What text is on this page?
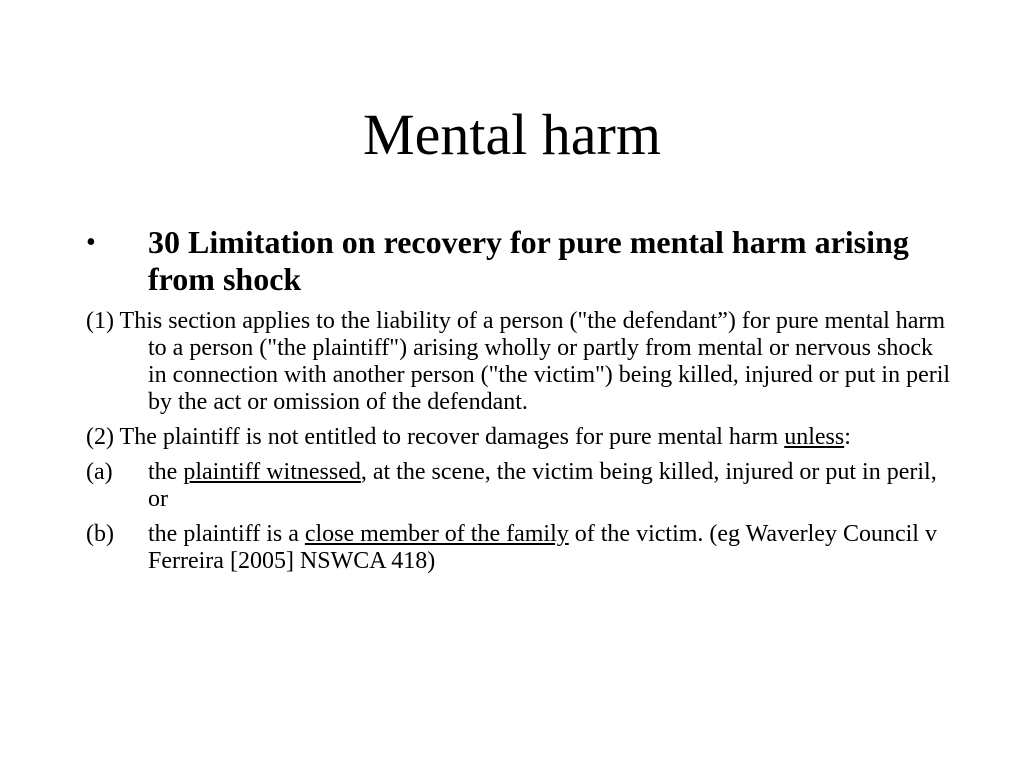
Mental harm
• 30 Limitation on recovery for pure mental harm arising from shock

(1) This section applies to the liability of a person ("the defendant”) for pure mental harm to a person ("the plaintiff") arising wholly or partly from mental or nervous shock in connection with another person ("the victim") being killed, injured or put in peril by the act or omission of the defendant.

(2) The plaintiff is not entitled to recover damages for pure mental harm unless:

(a) the plaintiff witnessed, at the scene, the victim being killed, injured or put in peril, or
(b) the plaintiff is a close member of the family of the victim. (eg Waverley Council v Ferreira [2005] NSWCA 418)
